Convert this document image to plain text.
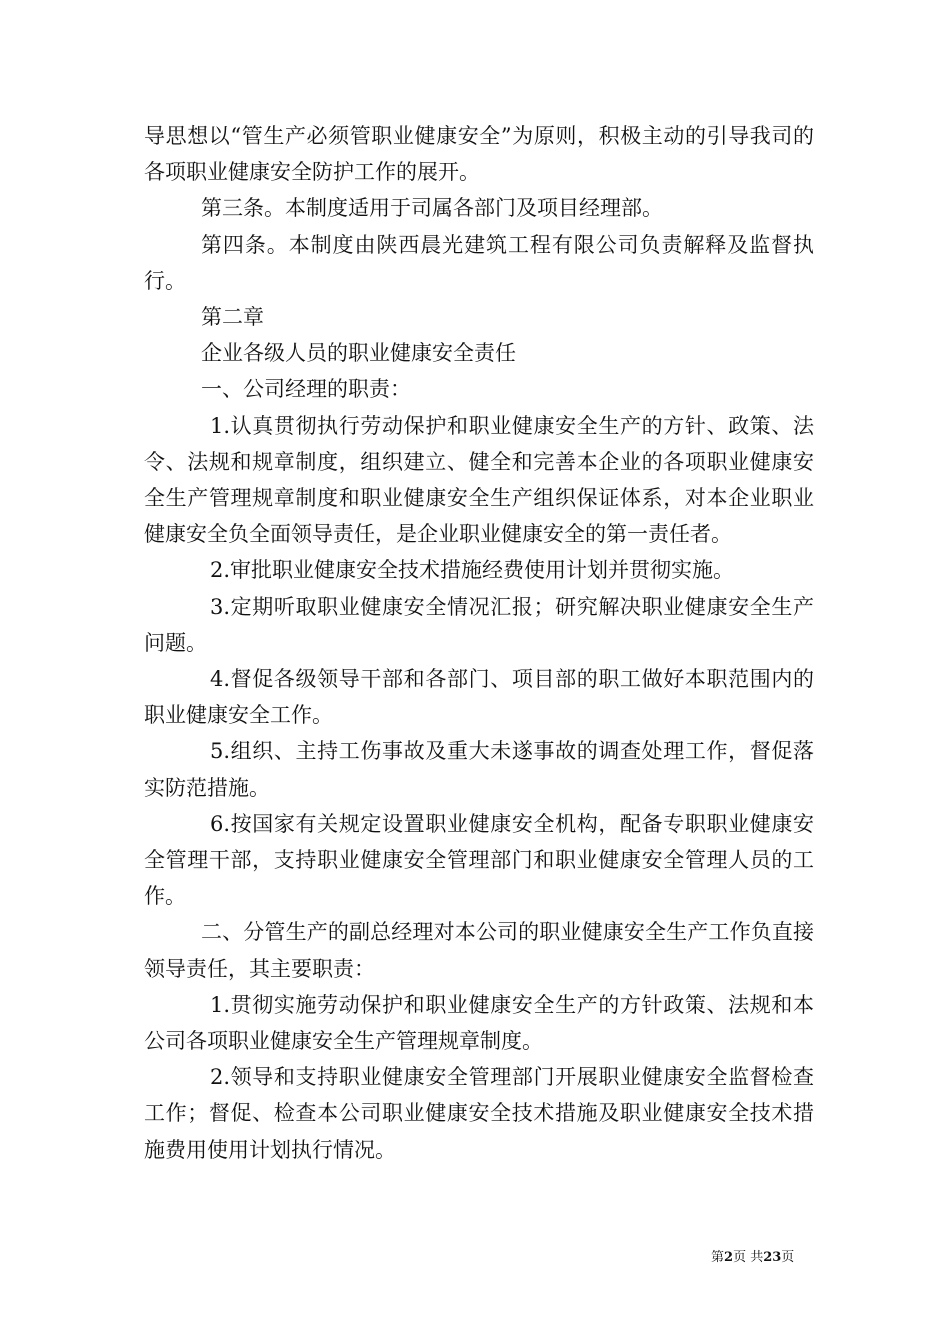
导思想以“管生产必须管职业健康安全”为原则，积极主动的引导我司的各项职业健康安全防护工作的展开。

第三条。本制度适用于司属各部门及项目经理部。

第四条。本制度由陕西晨光建筑工程有限公司负责解释及监督执行。

第二章

企业各级人员的职业健康安全责任

一、公司经理的职责：

1.认真贯彻执行劳动保护和职业健康安全生产的方针、政策、法令、法规和规章制度，组织建立、健全和完善本企业的各项职业健康安全生产管理规章制度和职业健康安全生产组织保证体系，对本企业职业健康安全负全面领导责任，是企业职业健康安全的第一责任者。

2.审批职业健康安全技术措施经费使用计划并贯彻实施。

3.定期听取职业健康安全情况汇报；研究解决职业健康安全生产问题。

4.督促各级领导干部和各部门、项目部的职工做好本职范围内的职业健康安全工作。

5.组织、主持工伤事故及重大未遂事故的调查处理工作，督促落实防范措施。

6.按国家有关规定设置职业健康安全机构，配备专职职业健康安全管理干部，支持职业健康安全管理部门和职业健康安全管理人员的工作。

二、分管生产的副总经理对本公司的职业健康安全生产工作负直接领导责任，其主要职责：

1.贯彻实施劳动保护和职业健康安全生产的方针政策、法规和本公司各项职业健康安全生产管理规章制度。

2.领导和支持职业健康安全管理部门开展职业健康安全监督检查工作；督促、检查本公司职业健康安全技术措施及职业健康安全技术措施费用使用计划执行情况。

第2页 共23页
